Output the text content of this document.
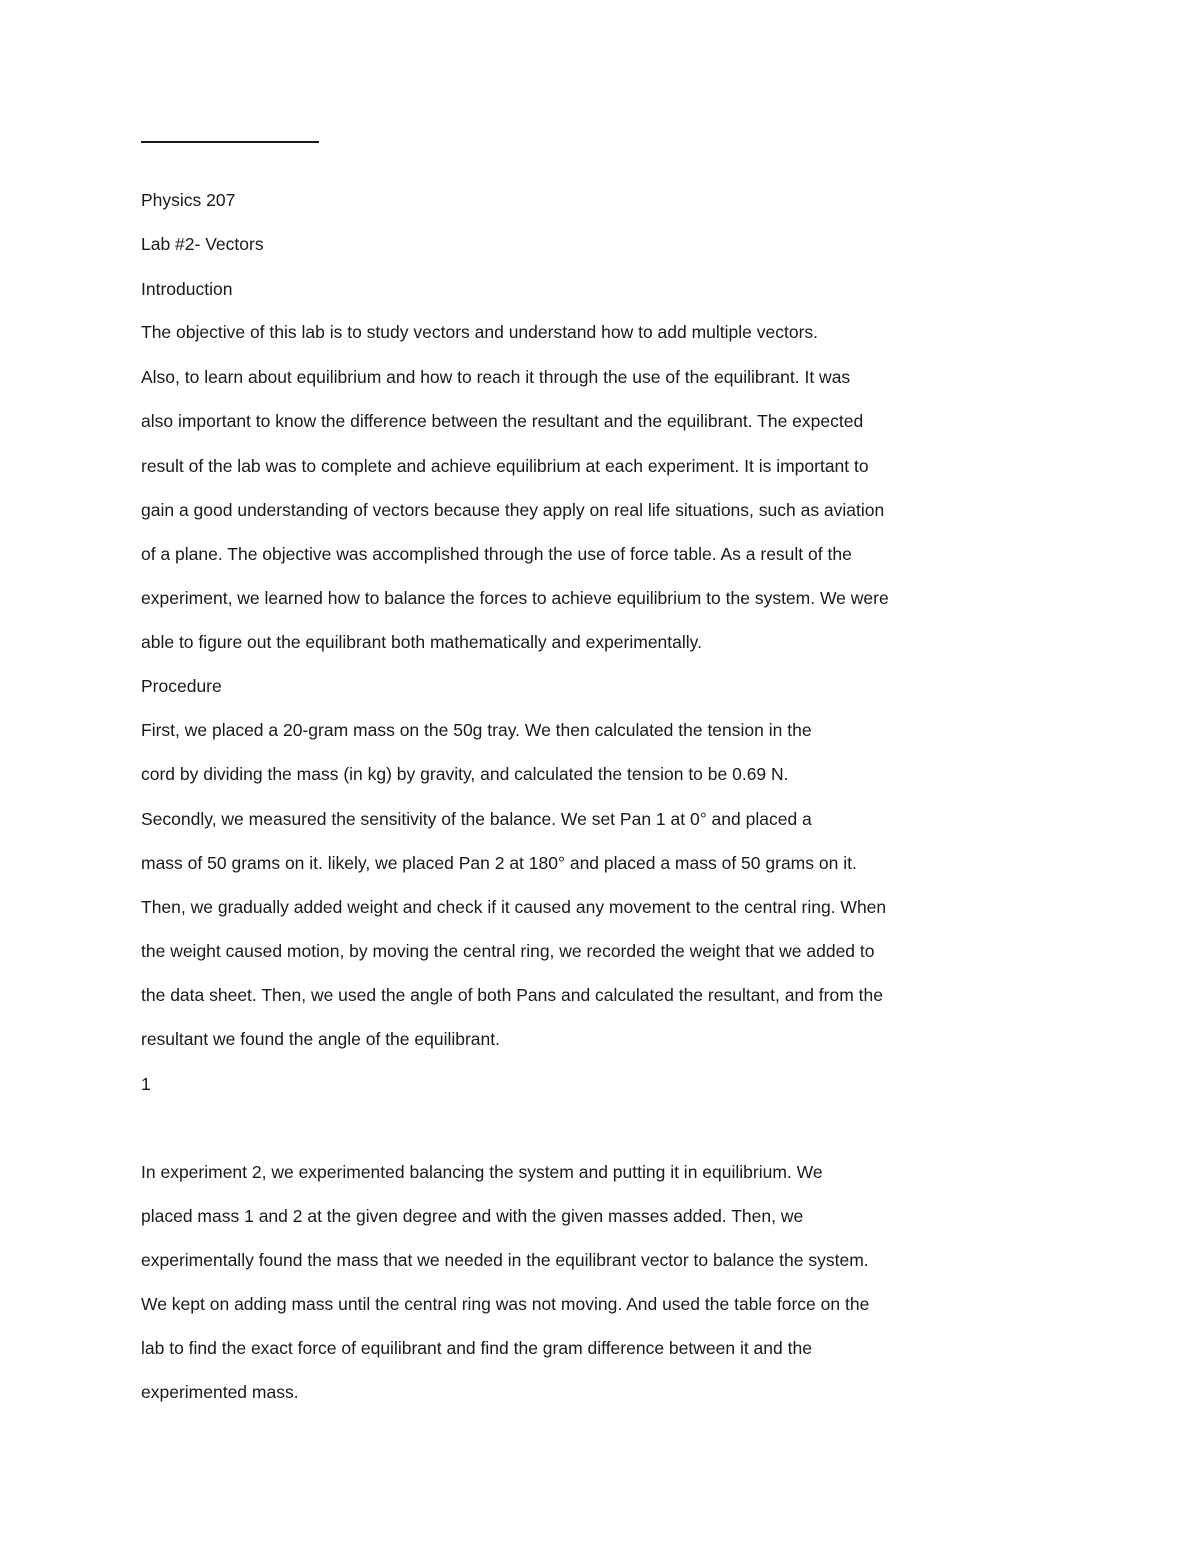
Physics 207
Lab #2- Vectors
Introduction
The objective of this lab is to study vectors and understand how to add multiple vectors.
Also, to learn about equilibrium and how to reach it through the use of the equilibrant. It was
also important to know the difference between the resultant and the equilibrant. The expected
result of the lab was to complete and achieve equilibrium at each experiment. It is important to
gain a good understanding of vectors because they apply on real life situations, such as aviation
of a plane. The objective was accomplished through the use of force table. As a result of the
experiment, we learned how to balance the forces to achieve equilibrium to the system. We were
able to figure out the equilibrant both mathematically and experimentally.
Procedure
First, we placed a 20-gram mass on the 50g tray. We then calculated the tension in the
cord by dividing the mass (in kg) by gravity, and calculated the tension to be 0.69 N.
Secondly, we measured the sensitivity of the balance. We set Pan 1 at 0° and placed a
mass of 50 grams on it. likely, we placed Pan 2 at 180° and placed a mass of 50 grams on it.
Then, we gradually added weight and check if it caused any movement to the central ring. When
the weight caused motion, by moving the central ring, we recorded the weight that we added to
the data sheet. Then, we used the angle of both Pans and calculated the resultant, and from the
resultant we found the angle of the equilibrant.
1
In experiment 2, we experimented balancing the system and putting it in equilibrium. We
placed mass 1 and 2 at the given degree and with the given masses added. Then, we
experimentally found the mass that we needed in the equilibrant vector to balance the system.
We kept on adding mass until the central ring was not moving. And used the table force on the
lab to find the exact force of equilibrant and find the gram difference between it and the
experimented mass.
